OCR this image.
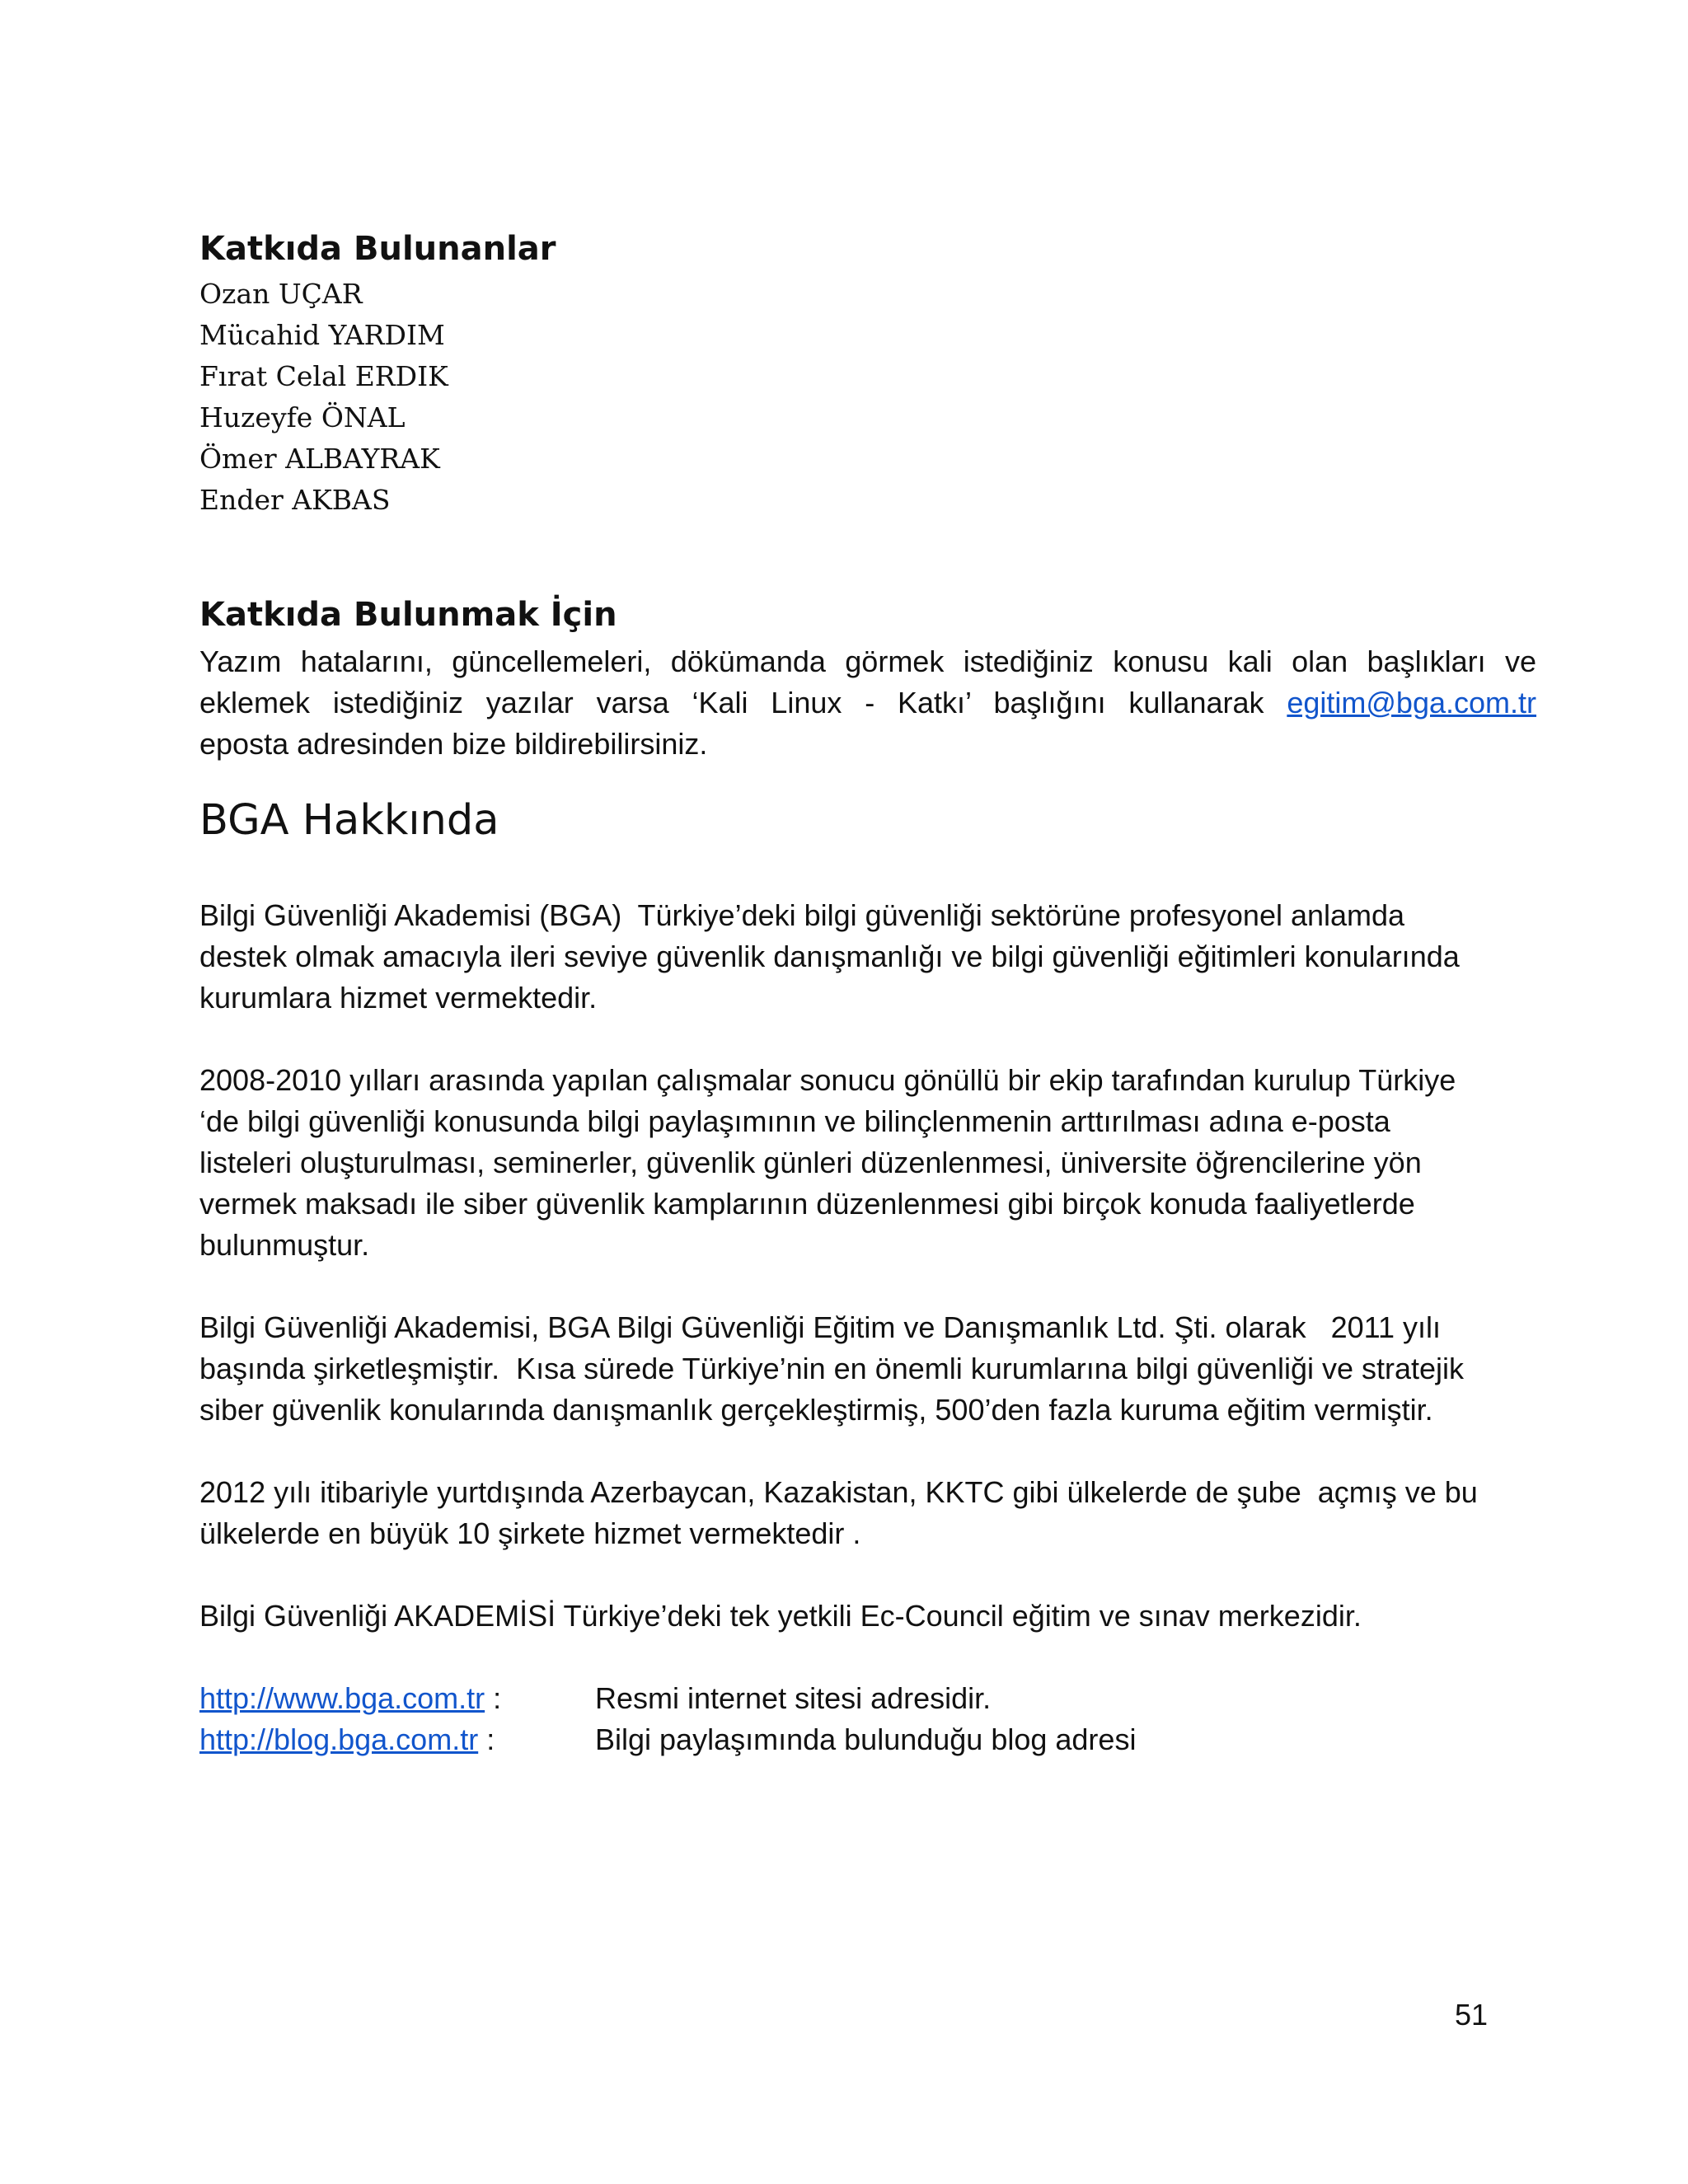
Katkıda Bulunanlar
Ozan UÇAR
Mücahid YARDIM
Fırat Celal ERDIK
Huzeyfe ÖNAL
Ömer ALBAYRAK
Ender AKBAS
Katkıda Bulunmak İçin
Yazım hatalarını, güncellemeleri, dökümanda görmek istediğiniz konusu kali olan başlıkları ve
eklemek istediğiniz yazılar varsa ‘Kali Linux - Katkı’ başlığını kullanarak egitim@bga.com.tr
eposta adresinden bize bildirebilirsiniz.
BGA Hakkında

Bilgi Güvenliği Akademisi (BGA)  Türkiye’deki bilgi güvenliği sektörüne profesyonel anlamda
destek olmak amacıyla ileri seviye güvenlik danışmanlığı ve bilgi güvenliği eğitimleri konularında
kurumlara hizmet vermektedir.

2008-2010 yılları arasında yapılan çalışmalar sonucu gönüllü bir ekip tarafından kurulup Türkiye
‘de bilgi güvenliği konusunda bilgi paylaşımının ve bilinçlenmenin arttırılması adına e-posta
listeleri oluşturulması, seminerler, güvenlik günleri düzenlenmesi, üniversite öğrencilerine yön
vermek maksadı ile siber güvenlik kamplarının düzenlenmesi gibi birçok konuda faaliyetlerde
bulunmuştur.

Bilgi Güvenliği Akademisi, BGA Bilgi Güvenliği Eğitim ve Danışmanlık Ltd. Şti. olarak   2011 yılı
başında şirketleşmiştir.  Kısa sürede Türkiye’nin en önemli kurumlarına bilgi güvenliği ve stratejik
siber güvenlik konularında danışmanlık gerçekleştirmiş, 500’den fazla kuruma eğitim vermiştir.

2012 yılı itibariyle yurtdışında Azerbaycan, Kazakistan, KKTC gibi ülkelerde de şube  açmış ve bu
ülkelerde en büyük 10 şirkete hizmet vermektedir .

Bilgi Güvenliği AKADEMİSİ Türkiye’deki tek yetkili Ec-Council eğitim ve sınav merkezidir.

http://www.bga.com.tr :	Resmi internet sitesi adresidir.
http://blog.bga.com.tr :	Bilgi paylaşımında bulunduğu blog adresi
51
